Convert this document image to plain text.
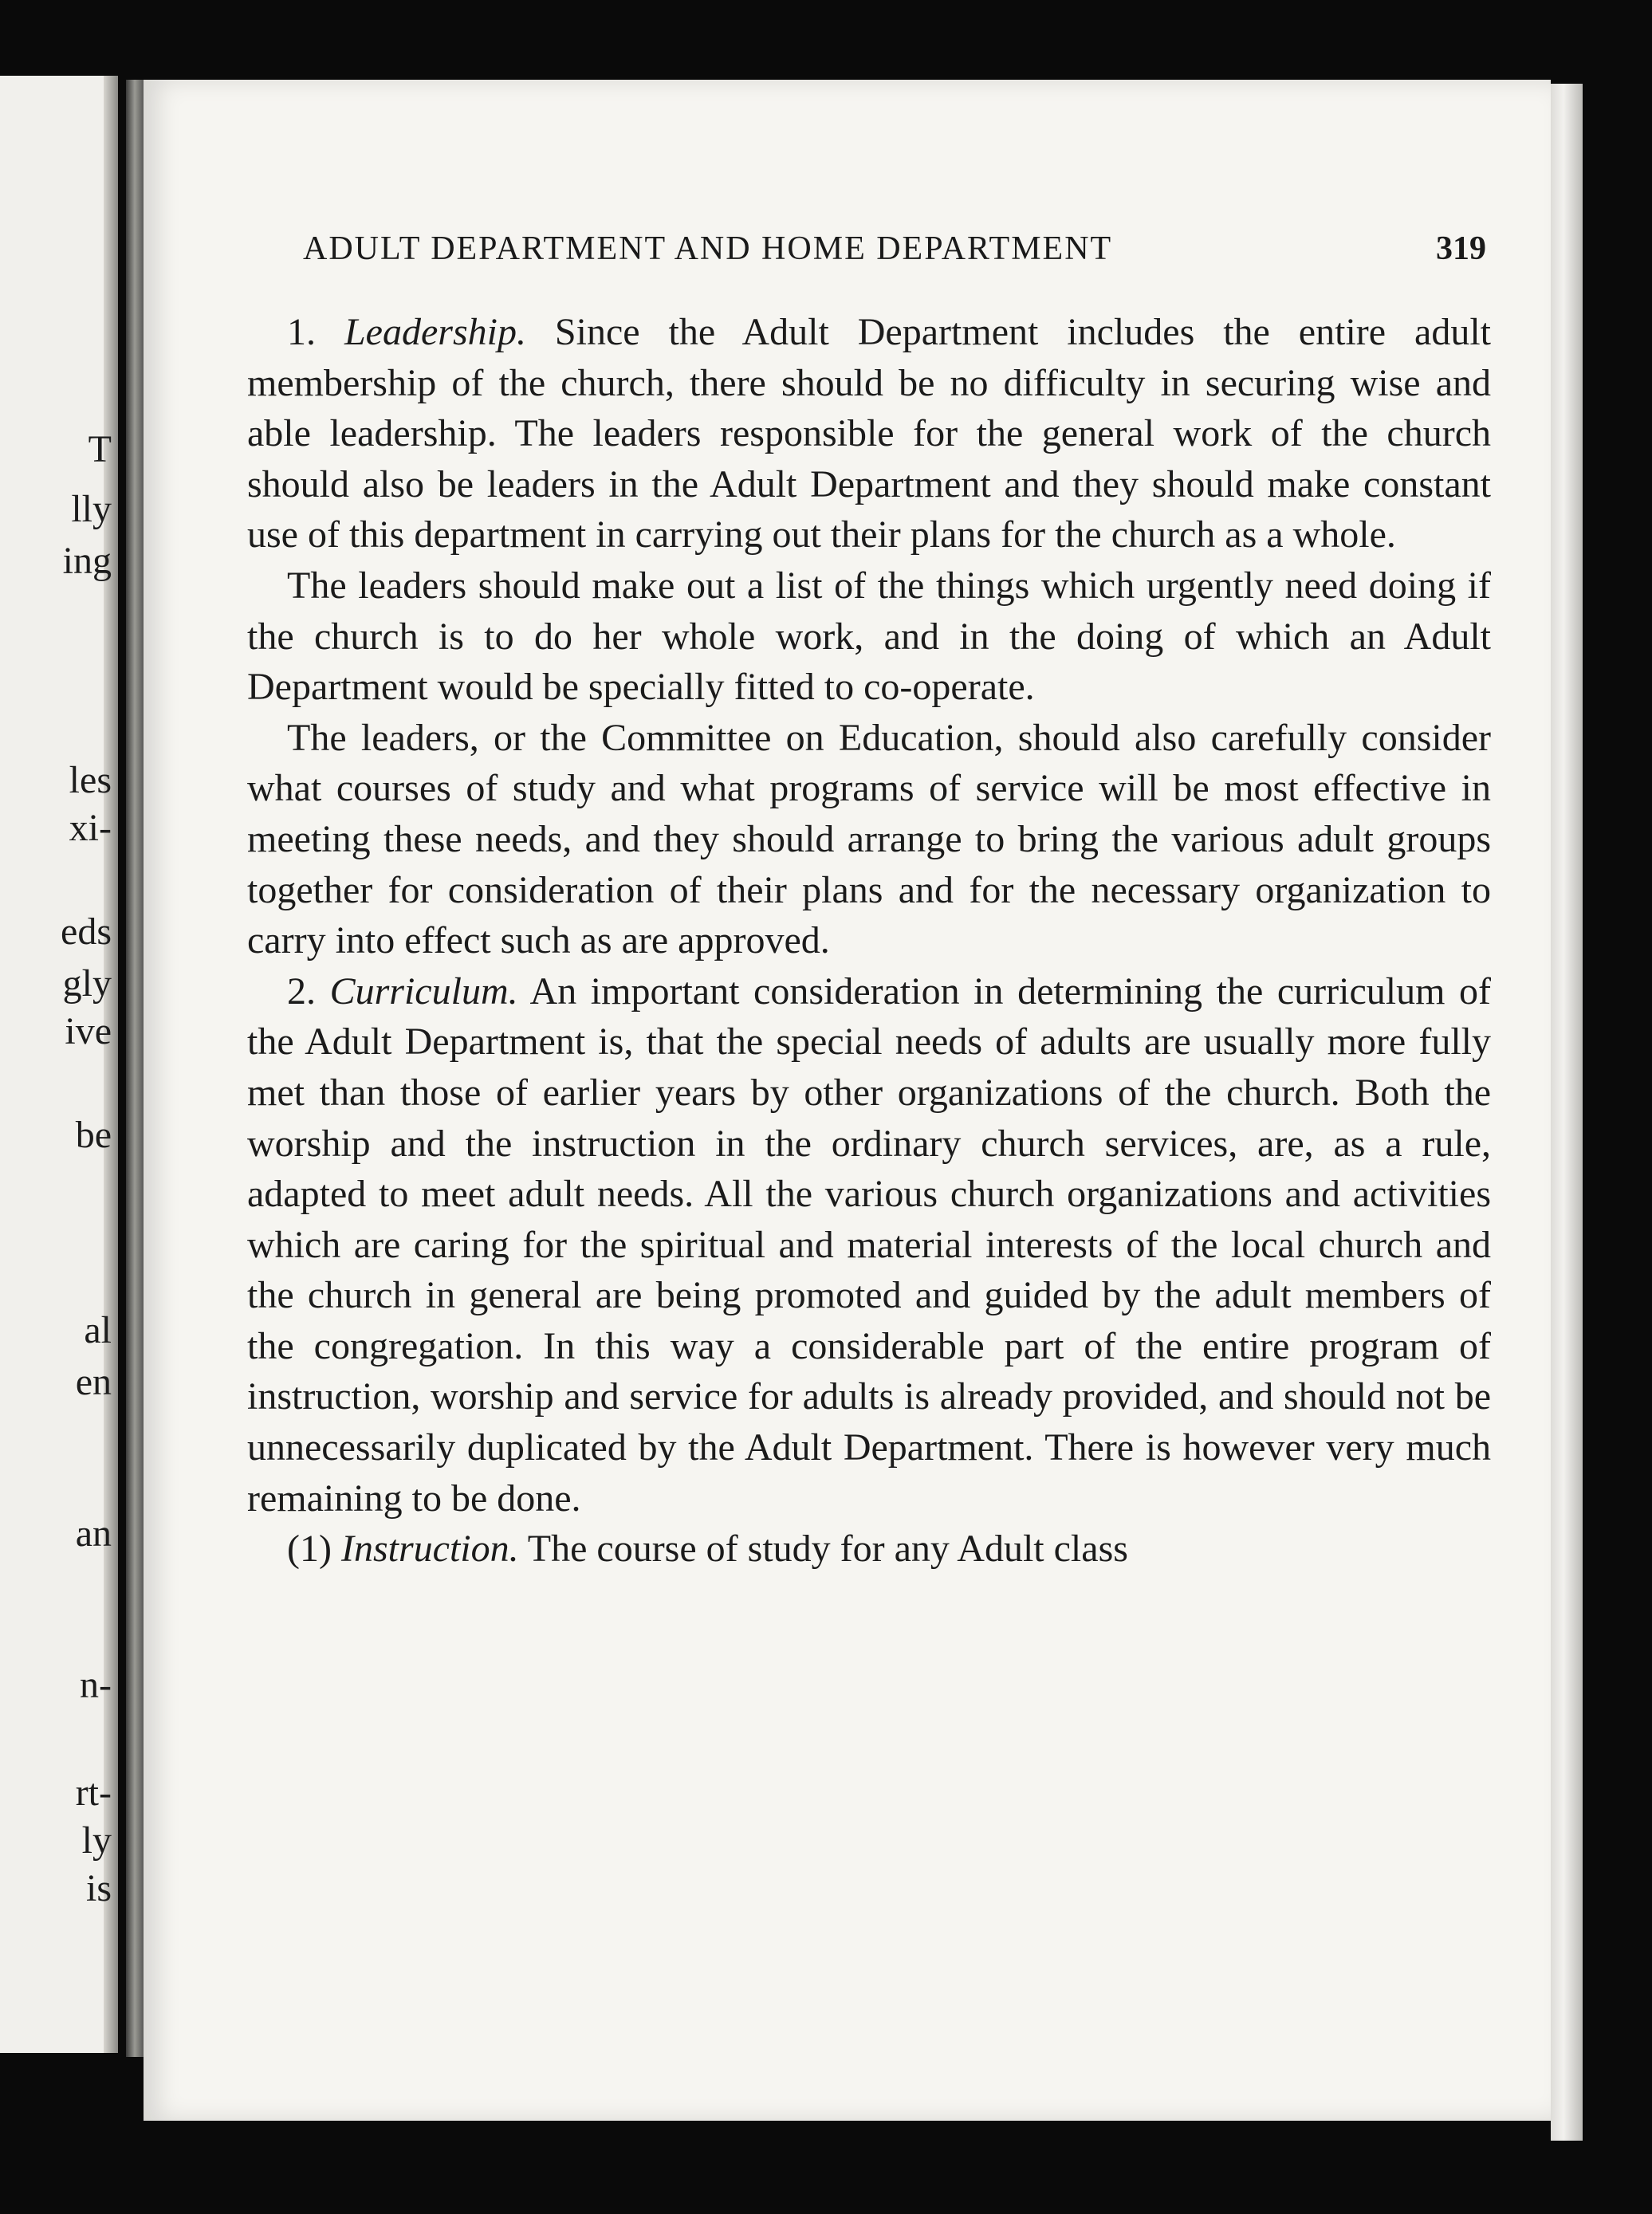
T
lly
ing
les
xi-
eds
gly
ive
be
al
en
an
n-
rt-
ly
is
ADULT DEPARTMENT AND HOME DEPARTMENT	319

1. Leadership. Since the Adult Department includes the entire adult membership of the church, there should be no difficulty in securing wise and able leadership. The leaders responsible for the general work of the church should also be leaders in the Adult Department and they should make constant use of this department in carrying out their plans for the church as a whole.

The leaders should make out a list of the things which urgently need doing if the church is to do her whole work, and in the doing of which an Adult Department would be specially fitted to co-operate.

The leaders, or the Committee on Education, should also carefully consider what courses of study and what programs of service will be most effective in meeting these needs, and they should arrange to bring the various adult groups together for consideration of their plans and for the necessary organization to carry into effect such as are approved.

2. Curriculum. An important consideration in determining the curriculum of the Adult Department is, that the special needs of adults are usually more fully met than those of earlier years by other organizations of the church. Both the worship and the instruction in the ordinary church services, are, as a rule, adapted to meet adult needs. All the various church organizations and activities which are caring for the spiritual and material interests of the local church and the church in general are being promoted and guided by the adult members of the congregation. In this way a considerable part of the entire program of instruction, worship and service for adults is already provided, and should not be unnecessarily duplicated by the Adult Department. There is however very much remaining to be done.

(1) Instruction. The course of study for any Adult class
